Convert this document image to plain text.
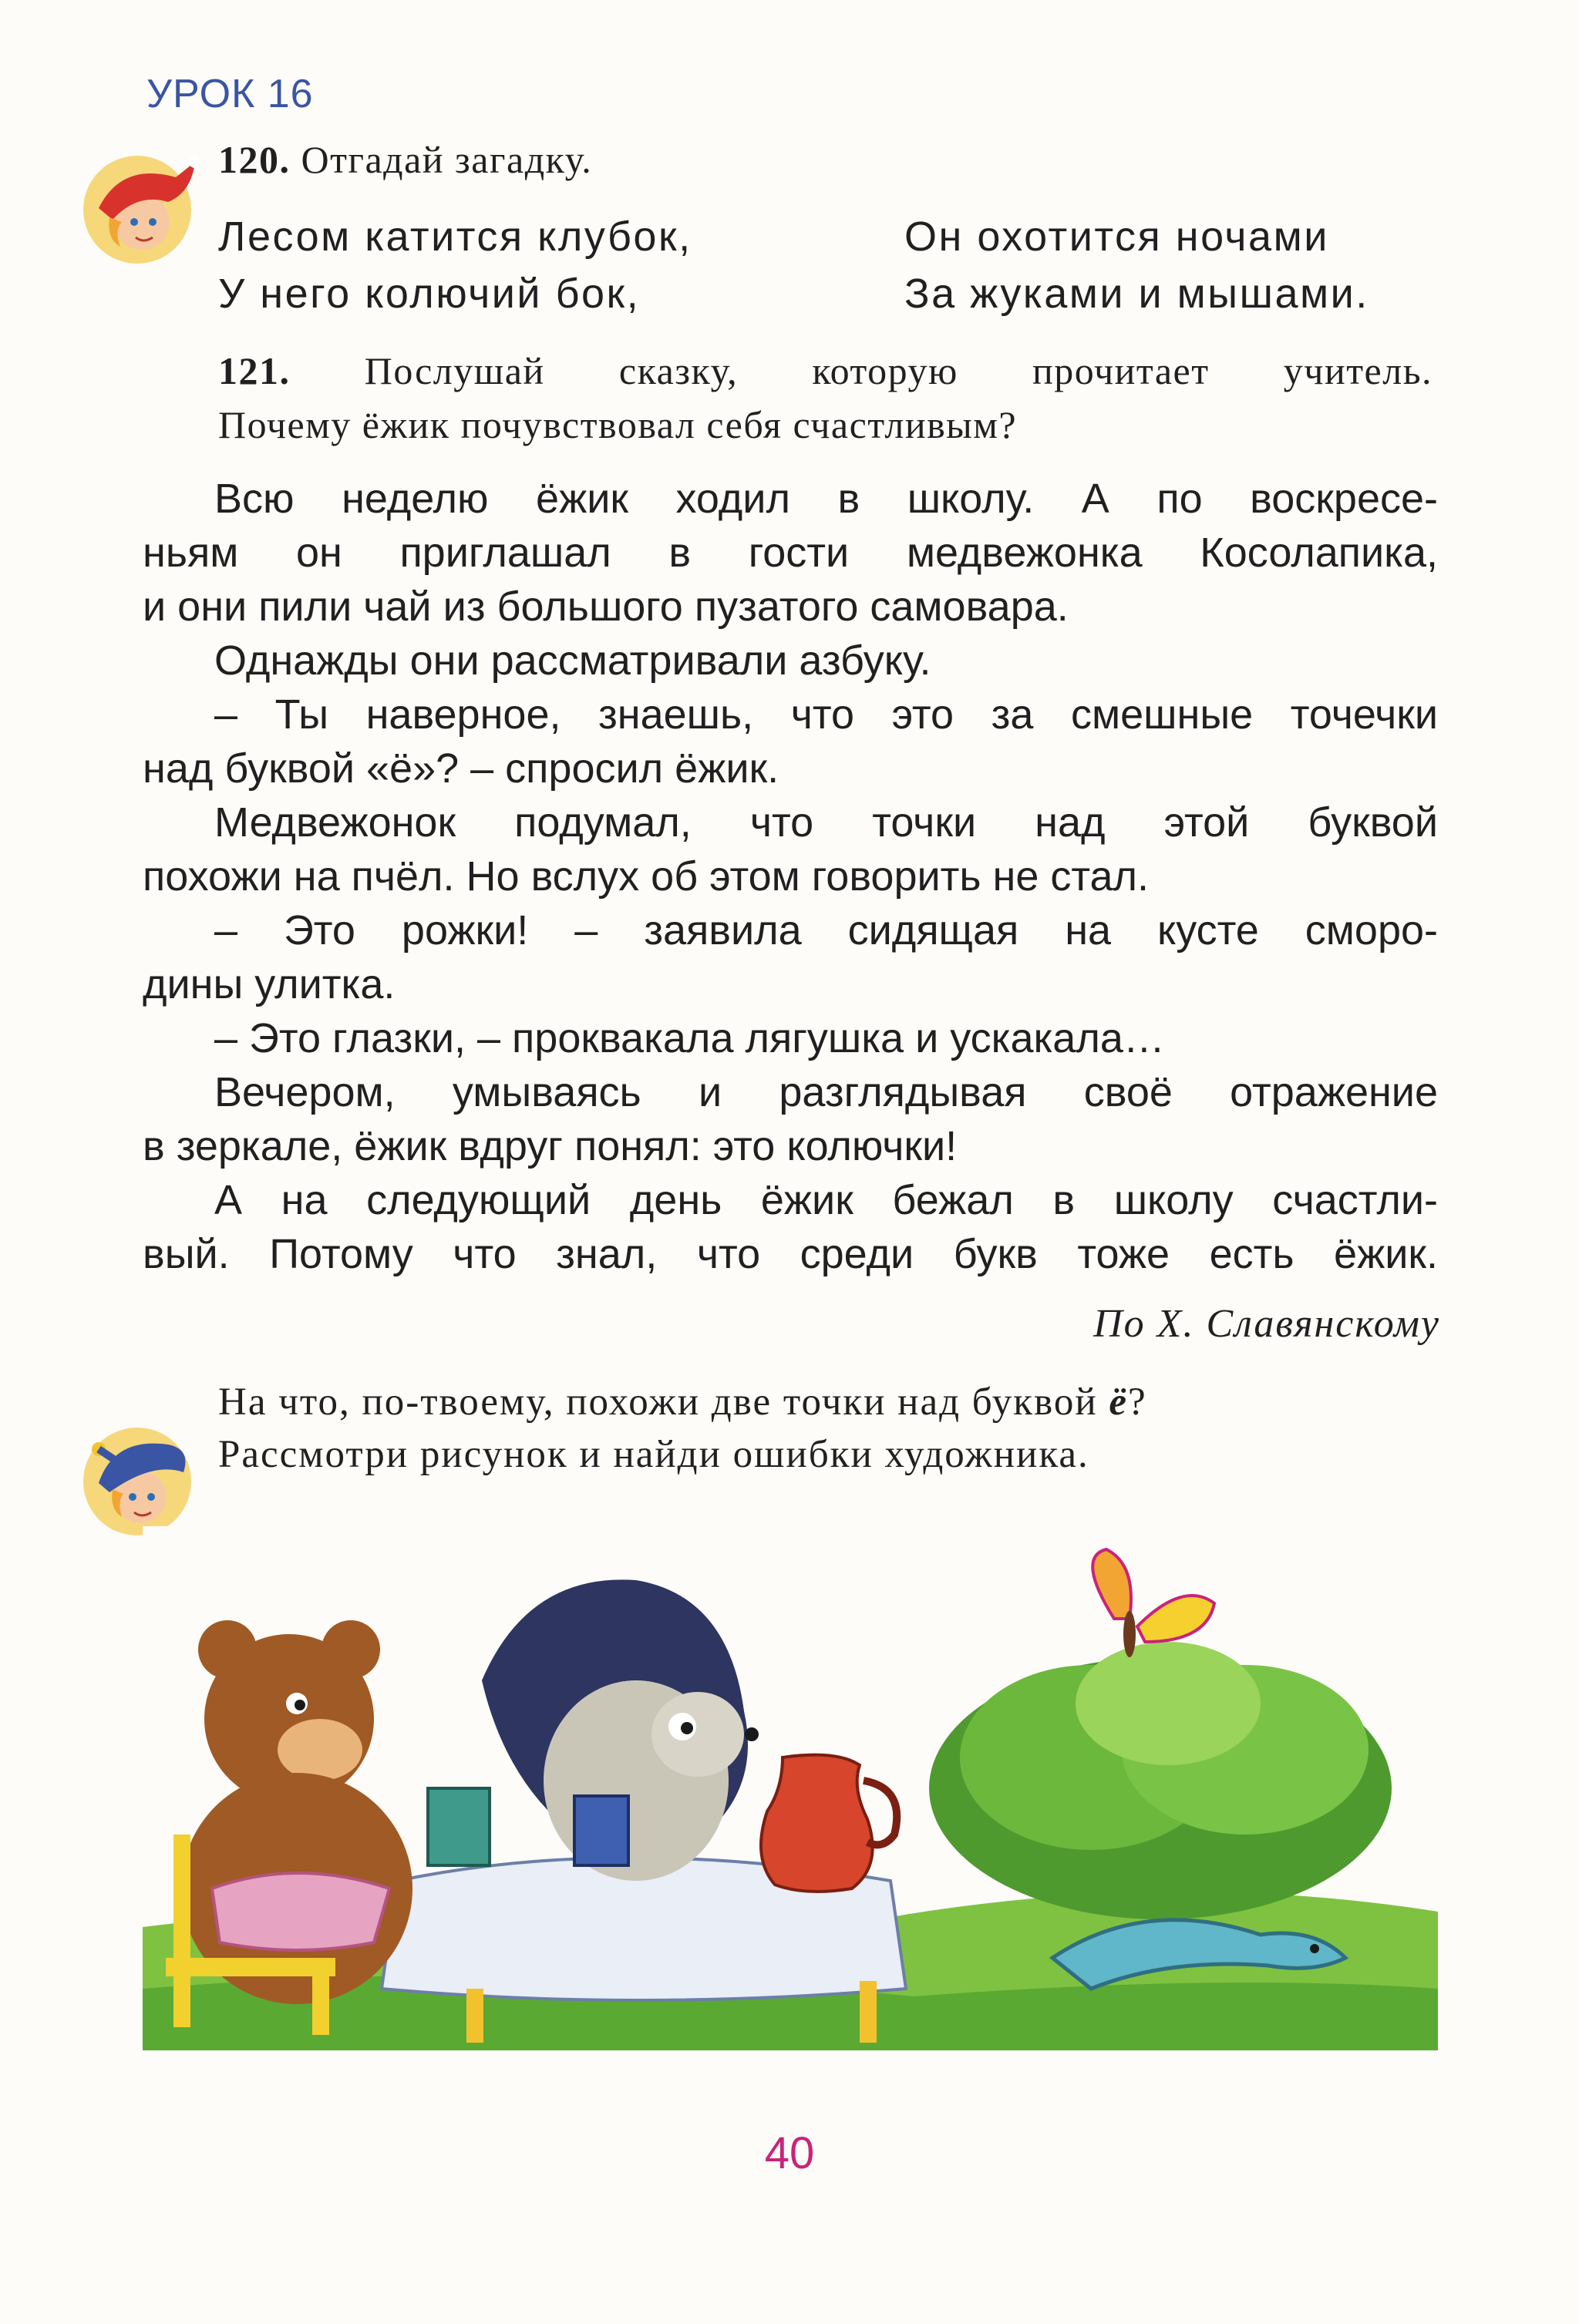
УРОК 16
120. Отгадай загадку.
Лесом катится клубок,
У него колючий бок,
Он охотится ночами
За жуками и мышами.
121. Послушай сказку, которую прочитает учитель.
Почему ёжик почувствовал себя счастливым?
Всю неделю ёжик ходил в школу. А по воскресе-
ньям он приглашал в гости медвежонка Косолапика,
и они пили чай из большого пузатого самовара.
Однажды они рассматривали азбуку.
– Ты наверное, знаешь, что это за смешные точечки
над буквой «ё»? – спросил ёжик.
Медвежонок подумал, что точки над этой буквой
похожи на пчёл. Но вслух об этом говорить не стал.
– Это рожки! – заявила сидящая на кусте сморо-
дины улитка.
– Это глазки, – проквакала лягушка и ускакала…
Вечером, умываясь и разглядывая своё отражение
в зеркале, ёжик вдруг понял: это колючки!
А на следующий день ёжик бежал в школу счастли-
вый. Потому что знал, что среди букв тоже есть ёжик.
По Х. Славянскому
На что, по-твоему, похожи две точки над буквой ё?
Рассмотри рисунок и найди ошибки художника.
40
